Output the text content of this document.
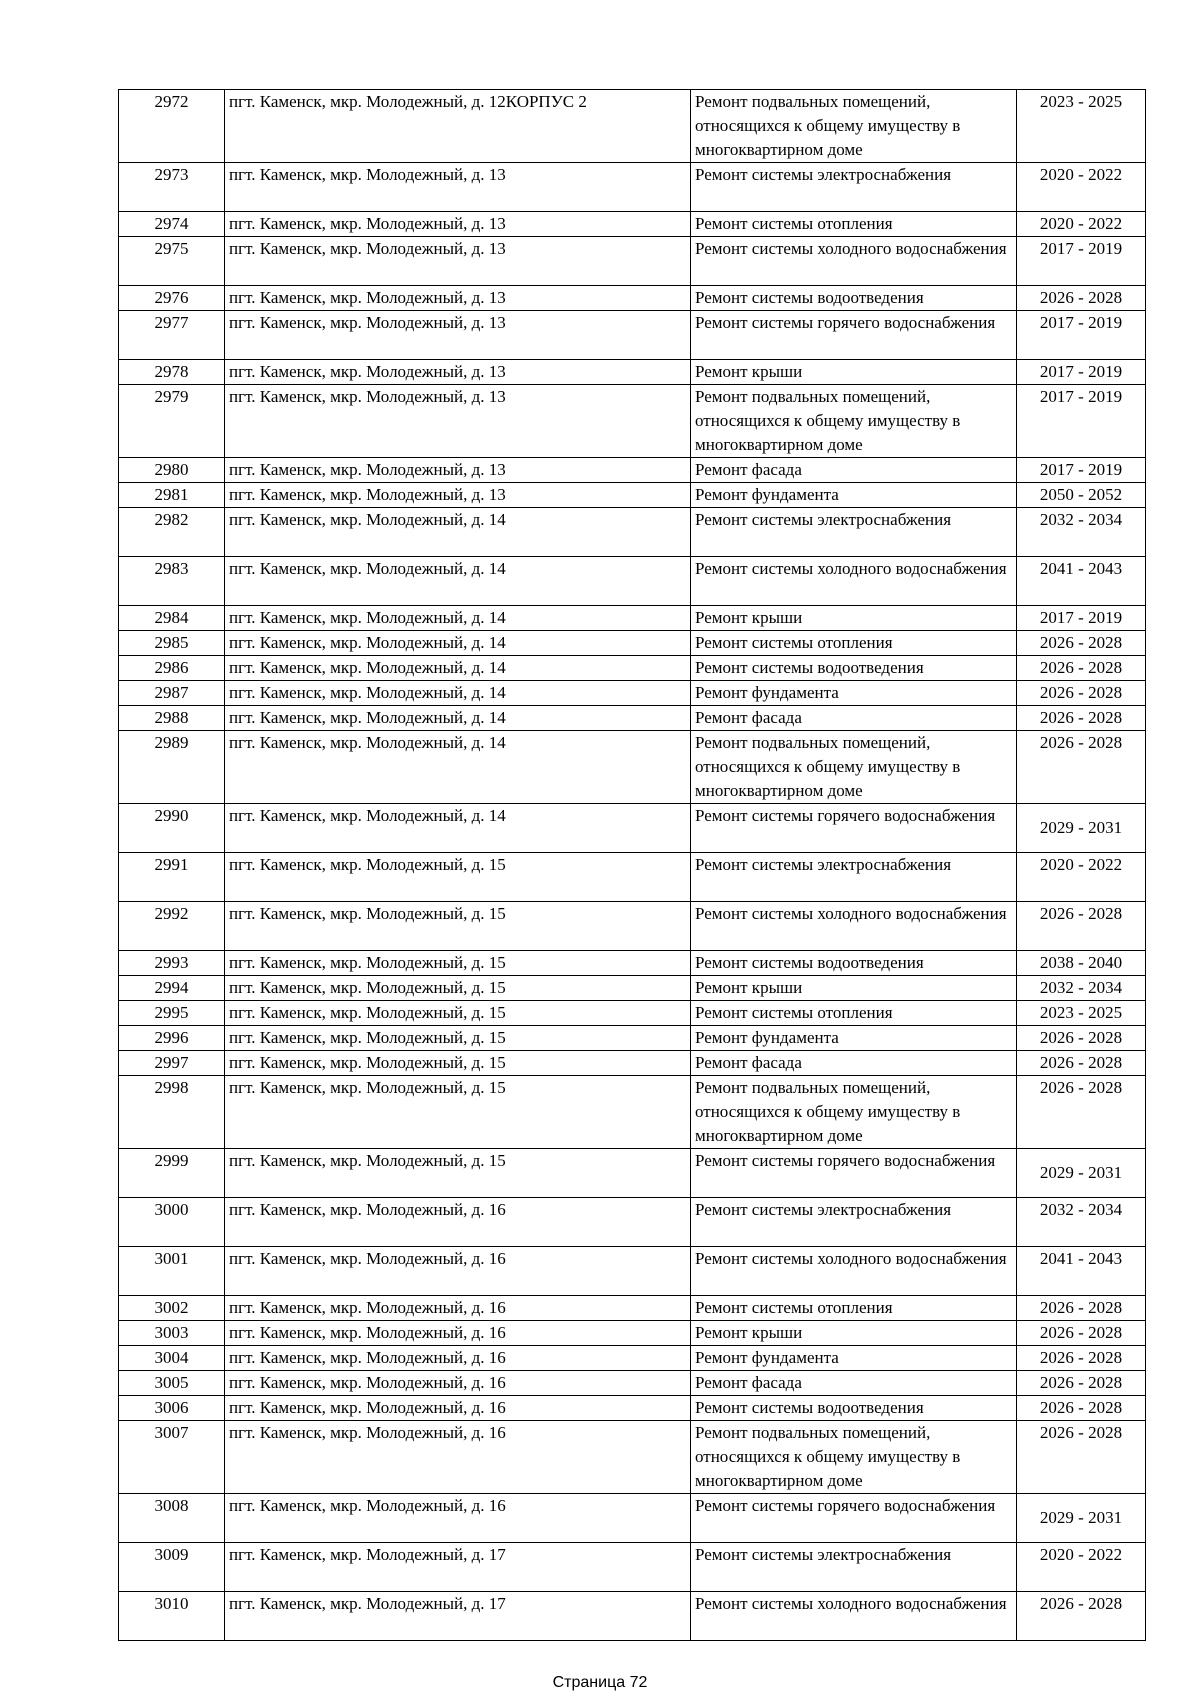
2972	пгт. Каменск, мкр. Молодежный, д. 12КОРПУС 2	Ремонт подвальных помещений, относящихся к общему имуществу в многоквартирном доме	2023 - 2025
2973	пгт. Каменск, мкр. Молодежный, д. 13	Ремонт системы электроснабжения	2020 - 2022
2974	пгт. Каменск, мкр. Молодежный, д. 13	Ремонт системы отопления	2020 - 2022
2975	пгт. Каменск, мкр. Молодежный, д. 13	Ремонт системы холодного водоснабжения	2017 - 2019
2976	пгт. Каменск, мкр. Молодежный, д. 13	Ремонт системы водоотведения	2026 - 2028
2977	пгт. Каменск, мкр. Молодежный, д. 13	Ремонт системы горячего водоснабжения	2017 - 2019
2978	пгт. Каменск, мкр. Молодежный, д. 13	Ремонт крыши	2017 - 2019
2979	пгт. Каменск, мкр. Молодежный, д. 13	Ремонт подвальных помещений, относящихся к общему имуществу в многоквартирном доме	2017 - 2019
2980	пгт. Каменск, мкр. Молодежный, д. 13	Ремонт фасада	2017 - 2019
2981	пгт. Каменск, мкр. Молодежный, д. 13	Ремонт фундамента	2050 - 2052
2982	пгт. Каменск, мкр. Молодежный, д. 14	Ремонт системы электроснабжения	2032 - 2034
2983	пгт. Каменск, мкр. Молодежный, д. 14	Ремонт системы холодного водоснабжения	2041 - 2043
2984	пгт. Каменск, мкр. Молодежный, д. 14	Ремонт крыши	2017 - 2019
2985	пгт. Каменск, мкр. Молодежный, д. 14	Ремонт системы отопления	2026 - 2028
2986	пгт. Каменск, мкр. Молодежный, д. 14	Ремонт системы водоотведения	2026 - 2028
2987	пгт. Каменск, мкр. Молодежный, д. 14	Ремонт фундамента	2026 - 2028
2988	пгт. Каменск, мкр. Молодежный, д. 14	Ремонт фасада	2026 - 2028
2989	пгт. Каменск, мкр. Молодежный, д. 14	Ремонт подвальных помещений, относящихся к общему имуществу в многоквартирном доме	2026 - 2028
2990	пгт. Каменск, мкр. Молодежный, д. 14	Ремонт системы горячего водоснабжения	2029 - 2031
2991	пгт. Каменск, мкр. Молодежный, д. 15	Ремонт системы электроснабжения	2020 - 2022
2992	пгт. Каменск, мкр. Молодежный, д. 15	Ремонт системы холодного водоснабжения	2026 - 2028
2993	пгт. Каменск, мкр. Молодежный, д. 15	Ремонт системы водоотведения	2038 - 2040
2994	пгт. Каменск, мкр. Молодежный, д. 15	Ремонт крыши	2032 - 2034
2995	пгт. Каменск, мкр. Молодежный, д. 15	Ремонт системы отопления	2023 - 2025
2996	пгт. Каменск, мкр. Молодежный, д. 15	Ремонт фундамента	2026 - 2028
2997	пгт. Каменск, мкр. Молодежный, д. 15	Ремонт фасада	2026 - 2028
2998	пгт. Каменск, мкр. Молодежный, д. 15	Ремонт подвальных помещений, относящихся к общему имуществу в многоквартирном доме	2026 - 2028
2999	пгт. Каменск, мкр. Молодежный, д. 15	Ремонт системы горячего водоснабжения	2029 - 2031
3000	пгт. Каменск, мкр. Молодежный, д. 16	Ремонт системы электроснабжения	2032 - 2034
3001	пгт. Каменск, мкр. Молодежный, д. 16	Ремонт системы холодного водоснабжения	2041 - 2043
3002	пгт. Каменск, мкр. Молодежный, д. 16	Ремонт системы отопления	2026 - 2028
3003	пгт. Каменск, мкр. Молодежный, д. 16	Ремонт крыши	2026 - 2028
3004	пгт. Каменск, мкр. Молодежный, д. 16	Ремонт фундамента	2026 - 2028
3005	пгт. Каменск, мкр. Молодежный, д. 16	Ремонт фасада	2026 - 2028
3006	пгт. Каменск, мкр. Молодежный, д. 16	Ремонт системы водоотведения	2026 - 2028
3007	пгт. Каменск, мкр. Молодежный, д. 16	Ремонт подвальных помещений, относящихся к общему имуществу в многоквартирном доме	2026 - 2028
3008	пгт. Каменск, мкр. Молодежный, д. 16	Ремонт системы горячего водоснабжения	2029 - 2031
3009	пгт. Каменск, мкр. Молодежный, д. 17	Ремонт системы электроснабжения	2020 - 2022
3010	пгт. Каменск, мкр. Молодежный, д. 17	Ремонт системы холодного водоснабжения	2026 - 2028
Страница 72
